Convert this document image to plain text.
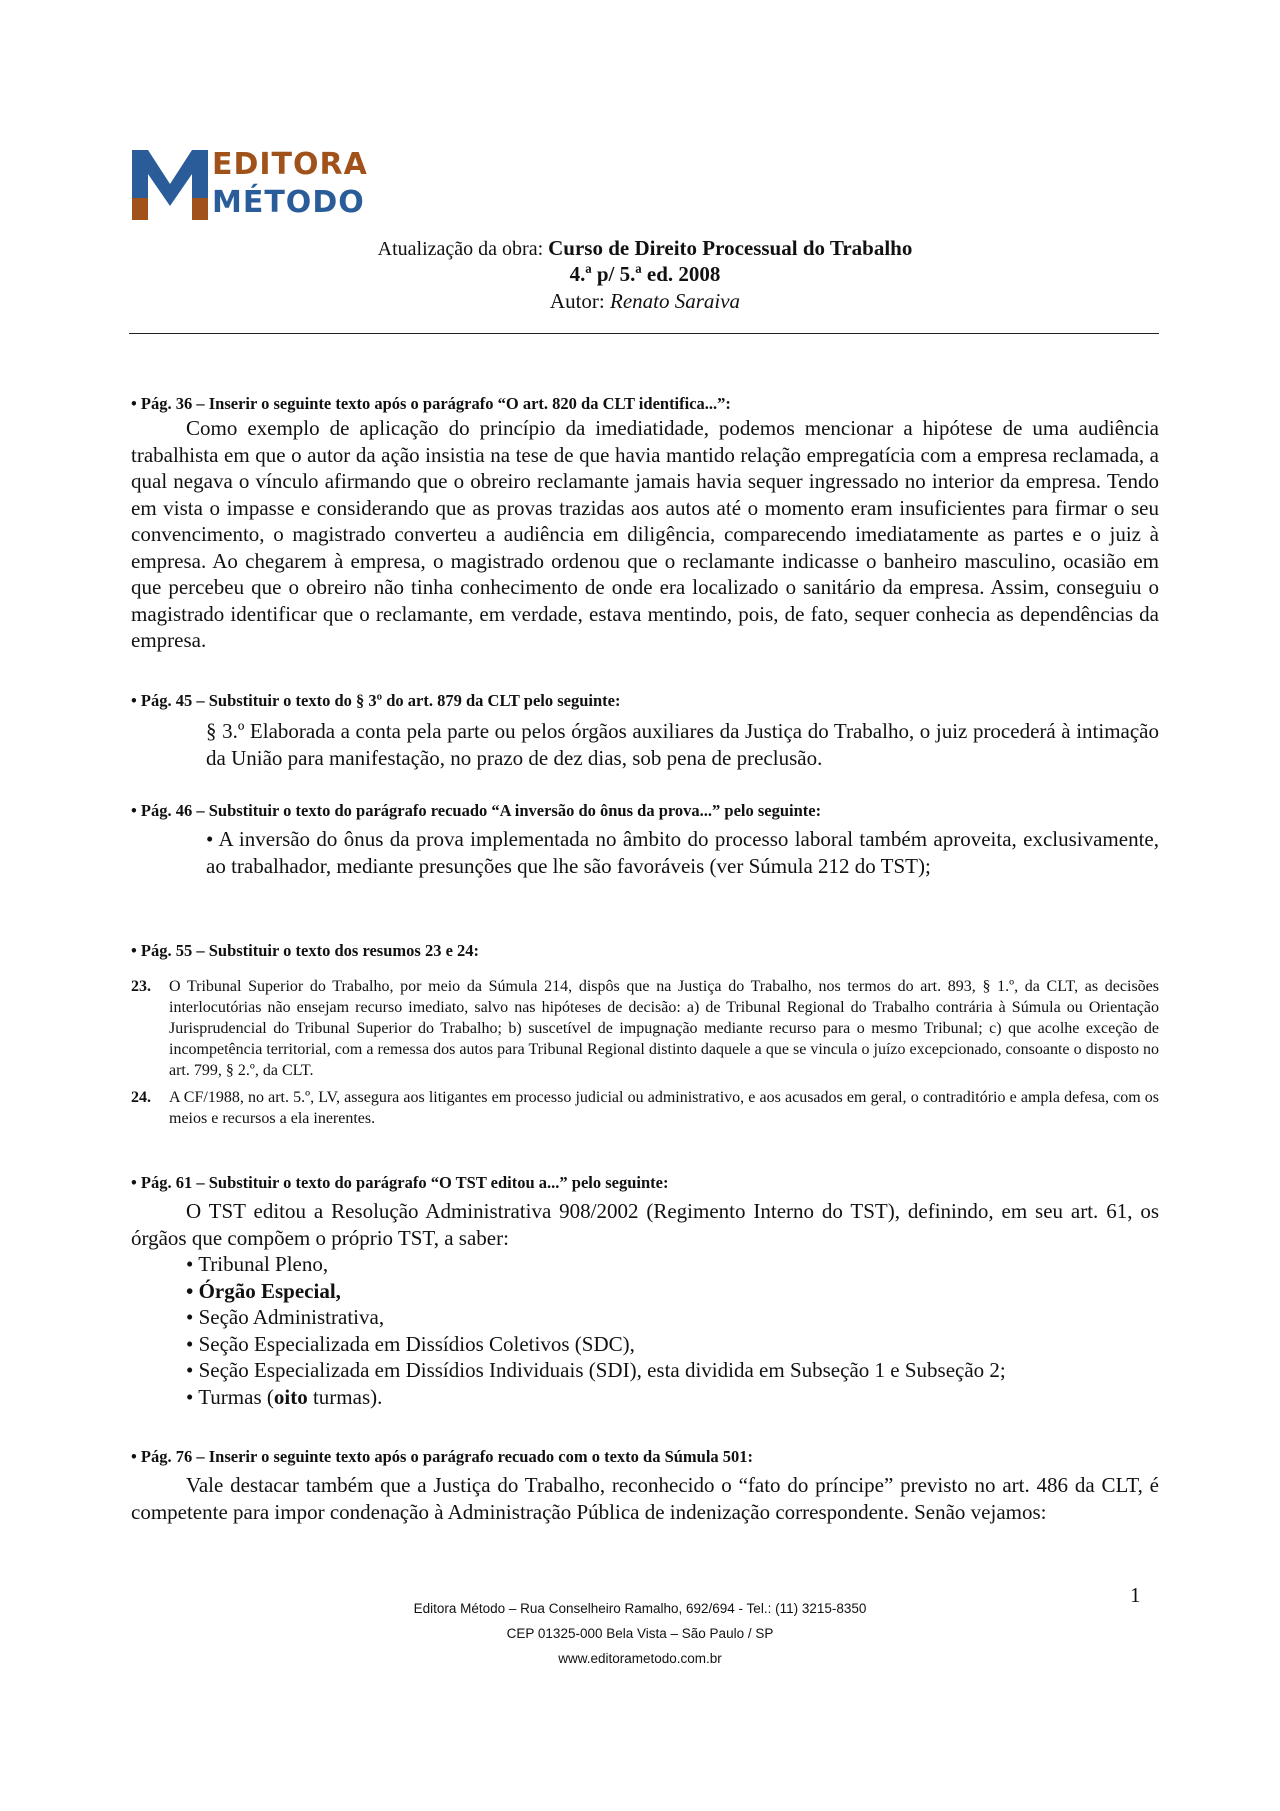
EDITORA
MÉTODO
Atualização da obra: Curso de Direito Processual do Trabalho
4.ª p/ 5.ª ed. 2008
Autor: Renato Saraiva

• Pág. 36 – Inserir o seguinte texto após o parágrafo “O art. 820 da CLT identifica...”:

Como exemplo de aplicação do princípio da imediatidade, podemos mencionar a hipótese de uma audiência trabalhista em que o autor da ação insistia na tese de que havia mantido relação empregatícia com a empresa reclamada, a qual negava o vínculo afirmando que o obreiro reclamante jamais havia sequer ingressado no interior da empresa. Tendo em vista o impasse e considerando que as provas trazidas aos autos até o momento eram insuficientes para firmar o seu convencimento, o magistrado converteu a audiência em diligência, comparecendo imediatamente as partes e o juiz à empresa. Ao chegarem à empresa, o magistrado ordenou que o reclamante indicasse o banheiro masculino, ocasião em que percebeu que o obreiro não tinha conhecimento de onde era localizado o sanitário da empresa. Assim, conseguiu o magistrado identificar que o reclamante, em verdade, estava mentindo, pois, de fato, sequer conhecia as dependências da empresa.

• Pág. 45 – Substituir o texto do § 3º do art. 879 da CLT pelo seguinte:

§ 3.º Elaborada a conta pela parte ou pelos órgãos auxiliares da Justiça do Trabalho, o juiz procederá à intimação da União para manifestação, no prazo de dez dias, sob pena de preclusão.

• Pág. 46 – Substituir o texto do parágrafo recuado “A inversão do ônus da prova...” pelo seguinte:

• A inversão do ônus da prova implementada no âmbito do processo laboral também aproveita, exclusivamente, ao trabalhador, mediante presunções que lhe são favoráveis (ver Súmula 212 do TST);

• Pág. 55 – Substituir o texto dos resumos 23 e 24:

23. O Tribunal Superior do Trabalho, por meio da Súmula 214, dispôs que na Justiça do Trabalho, nos termos do art. 893, § 1.º, da CLT, as decisões interlocutórias não ensejam recurso imediato, salvo nas hipóteses de decisão: a) de Tribunal Regional do Trabalho contrária à Súmula ou Orientação Jurisprudencial do Tribunal Superior do Trabalho; b) suscetível de impugnação mediante recurso para o mesmo Tribunal; c) que acolhe exceção de incompetência territorial, com a remessa dos autos para Tribunal Regional distinto daquele a que se vincula o juízo excepcionado, consoante o disposto no art. 799, § 2.º, da CLT.
24. A CF/1988, no art. 5.º, LV, assegura aos litigantes em processo judicial ou administrativo, e aos acusados em geral, o contraditório e ampla defesa, com os meios e recursos a ela inerentes.

• Pág. 61 – Substituir o texto do parágrafo “O TST editou a...” pelo seguinte:

O TST editou a Resolução Administrativa 908/2002 (Regimento Interno do TST), definindo, em seu art. 61, os órgãos que compõem o próprio TST, a saber:

• Tribunal Pleno,
• Órgão Especial,
• Seção Administrativa,
• Seção Especializada em Dissídios Coletivos (SDC),
• Seção Especializada em Dissídios Individuais (SDI), esta dividida em Subseção 1 e Subseção 2;
• Turmas (oito turmas).

• Pág. 76 – Inserir o seguinte texto após o parágrafo recuado com o texto da Súmula 501:

Vale destacar também que a Justiça do Trabalho, reconhecido o “fato do príncipe” previsto no art. 486 da CLT, é competente para impor condenação à Administração Pública de indenização correspondente. Senão vejamos:

1
Editora Método – Rua Conselheiro Ramalho, 692/694 - Tel.: (11) 3215-8350
CEP 01325-000 Bela Vista – São Paulo / SP
www.editorametodo.com.br
